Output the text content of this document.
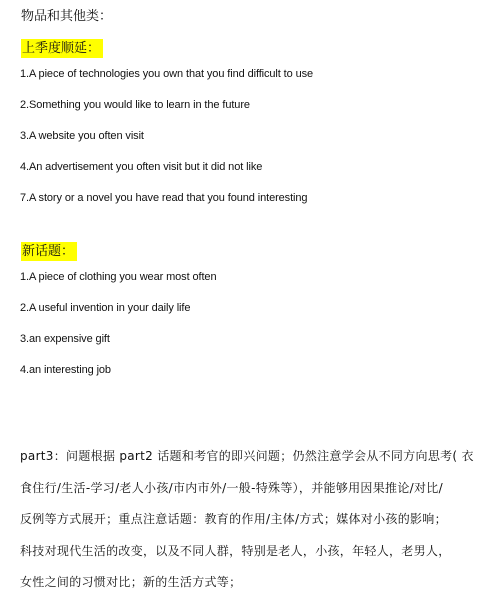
物品和其他类：
上季度顺延：
1.A piece of technologies you own that you find difficult to use
2.Something you would like to learn in the future
3.A website you often visit
4.An advertisement you often visit but it did not like
7.A story or a novel you have read that you found interesting
新话题：
1.A piece of clothing you wear most often
2.A useful invention in your daily life
3.an expensive gift
4.an interesting job
part3：问题根据 part2 话题和考官的即兴问题；仍然注意学会从不同方向思考( 衣
食住行/生活-学习/老人小孩/市内市外/一般-特殊等），并能够用因果推论/对比/
反例等方式展开；重点注意话题：教育的作用/主体/方式；媒体对小孩的影响；
科技对现代生活的改变，以及不同人群，特别是老人，小孩，年轻人，老男人，
女性之间的习惯对比；新的生活方式等；
